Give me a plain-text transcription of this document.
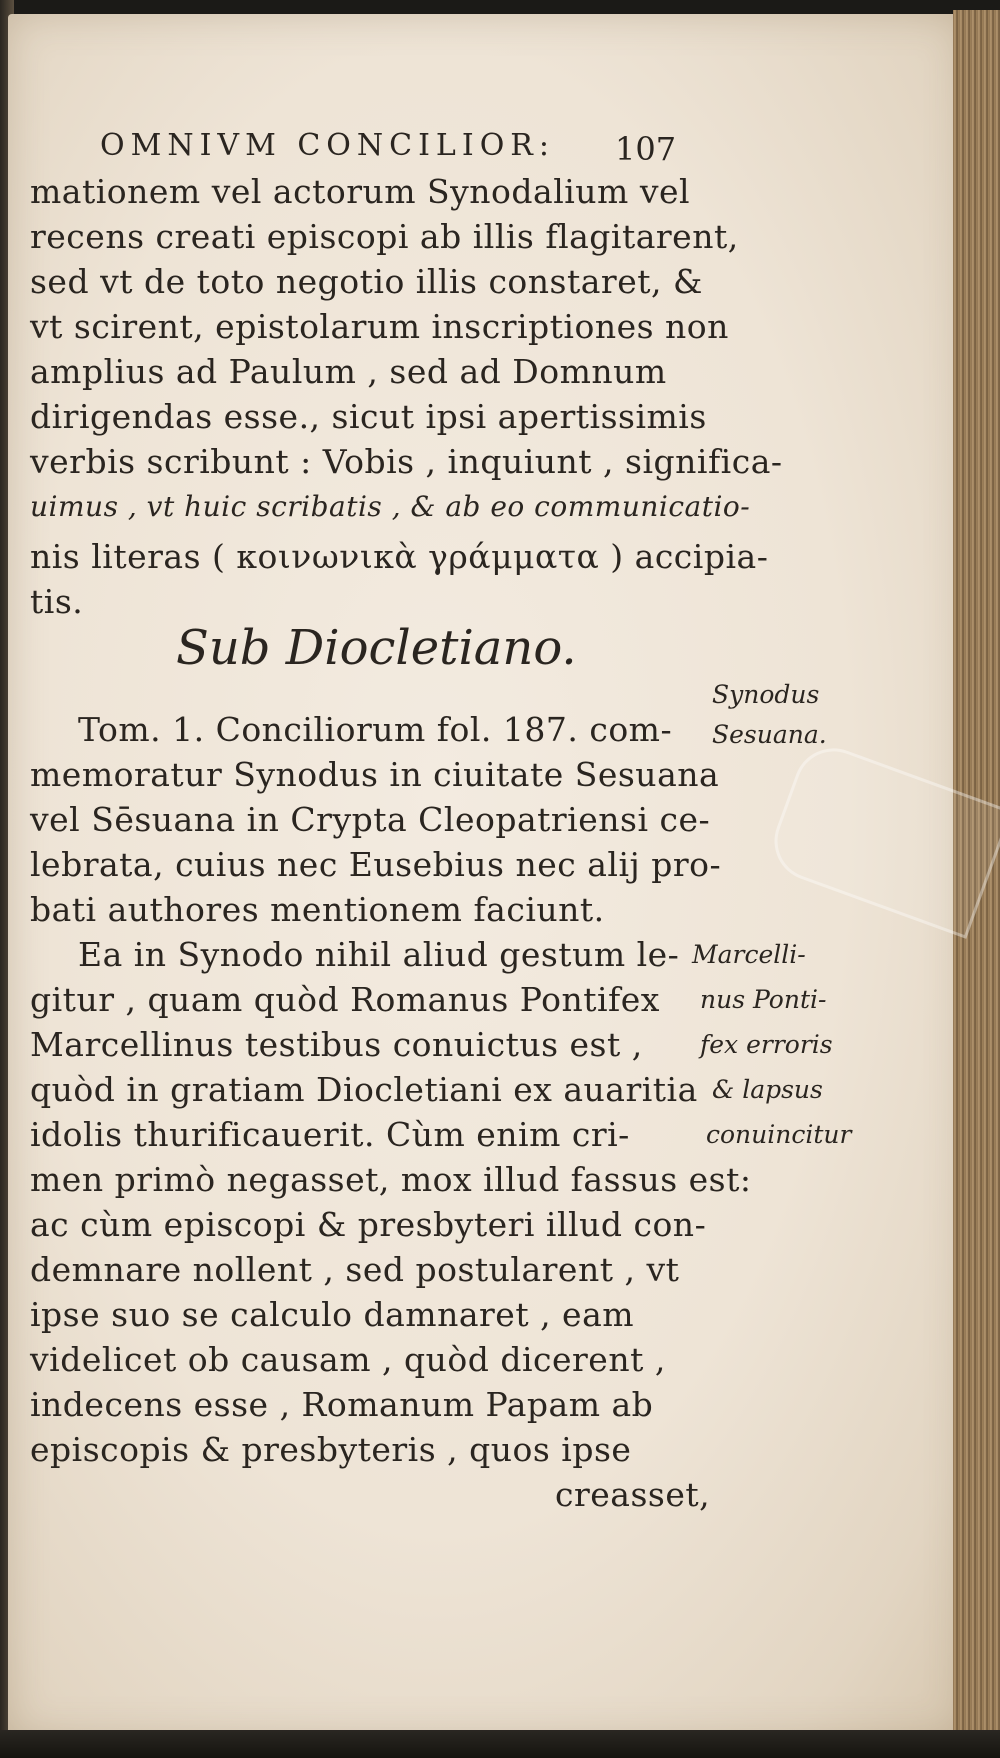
OMNIVM CONCILIOR: 107
mationem vel actorum Synodalium vel
recens creati episcopi ab illis flagitarent,
sed vt de toto negotio illis constaret, &
vt scirent, epistolarum inscriptiones non
amplius ad Paulum , sed ad Domnum
dirigendas esse., sicut ipsi apertissimis
verbis scribunt : Vobis , inquiunt , significa-
uimus , vt huic scribatis , & ab eo communicatio-
nis literas ( κοινωνικὰ γράμματα ) accipia-
tis.
Sub Diocletiano.
Tom. 1. Conciliorum fol. 187. com-
memoratur Synodus in ciuitate Sesuana
vel Sēsuana in Crypta Cleopatriensi ce-
lebrata, cuius nec Eusebius nec alij pro-
bati authores mentionem faciunt.
Ea in Synodo nihil aliud gestum le-
gitur , quam quòd Romanus Pontifex
Marcellinus testibus conuictus est ,
quòd in gratiam Diocletiani ex auaritia
idolis thurificauerit. Cùm enim cri-
men primò negasset, mox illud fassus est:
ac cùm episcopi & presbyteri illud con-
demnare nollent , sed postularent , vt
ipse suo se calculo damnaret , eam
videlicet ob causam , quòd dicerent ,
indecens esse , Romanum Papam ab
episcopis & presbyteris , quos ipse
creasset,
Synodus
Sesuana.
Marcelli-
nus Ponti-
fex erroris
& lapsus
conuincitur
